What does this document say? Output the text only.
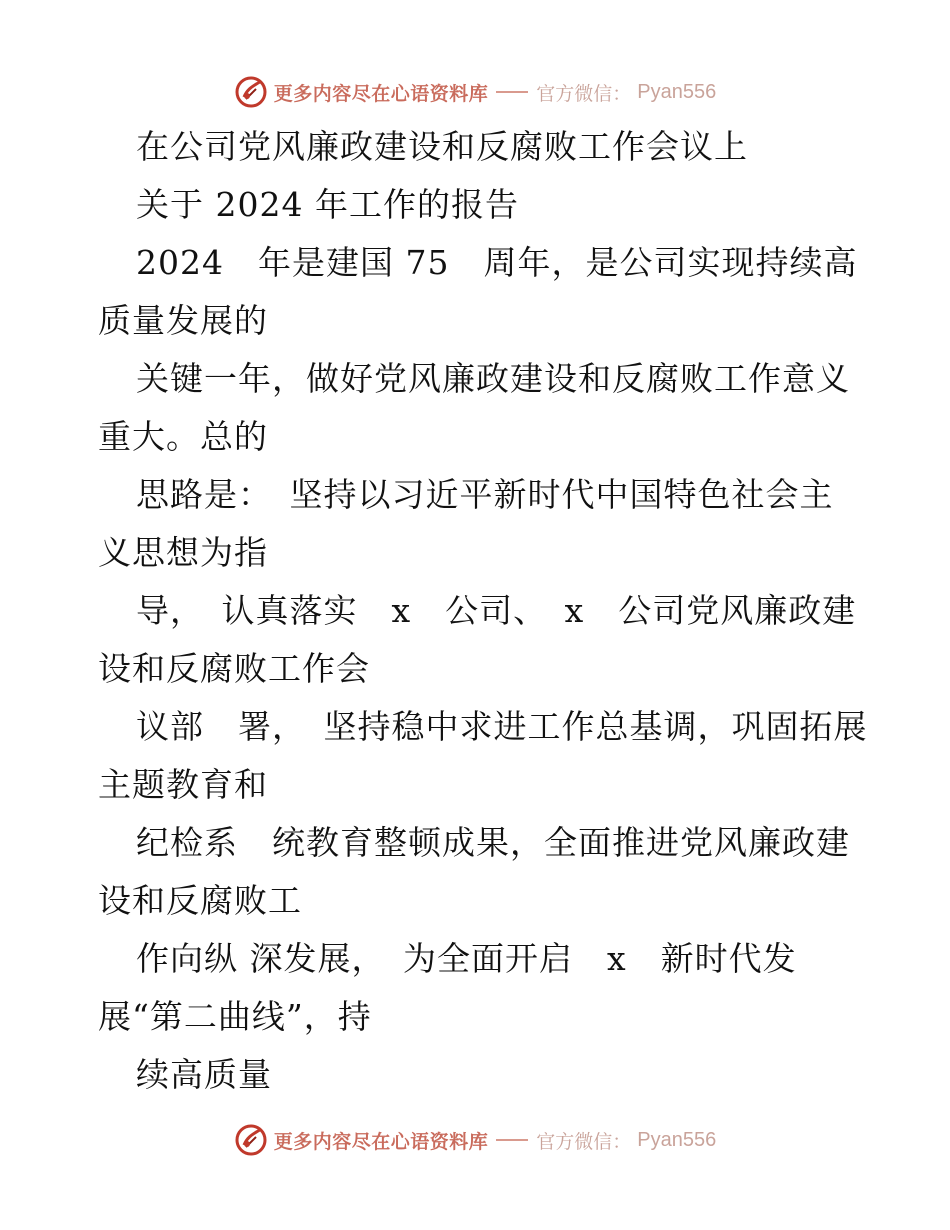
更多内容尽在心语资料库	官方微信： Pyan556
在公司党风廉政建设和反腐败工作会议上
关于 2024 年工作的报告
2024　年是建国 75　周年，是公司实现持续高
质量发展的
关键一年，做好党风廉政建设和反腐败工作意义
重大。总的
思路是：　坚持以习近平新时代中国特色社会主
义思想为指
导，　认真落实　x　公司、　x　公司党风廉政建
设和反腐败工作会
议部　署，　坚持稳中求进工作总基调，巩固拓展
主题教育和
纪检系　统教育整顿成果，全面推进党风廉政建
设和反腐败工
作向纵 深发展，　为全面开启　x　新时代发
展“第二曲线”，持
续高质量
更多内容尽在心语资料库	官方微信： Pyan556
